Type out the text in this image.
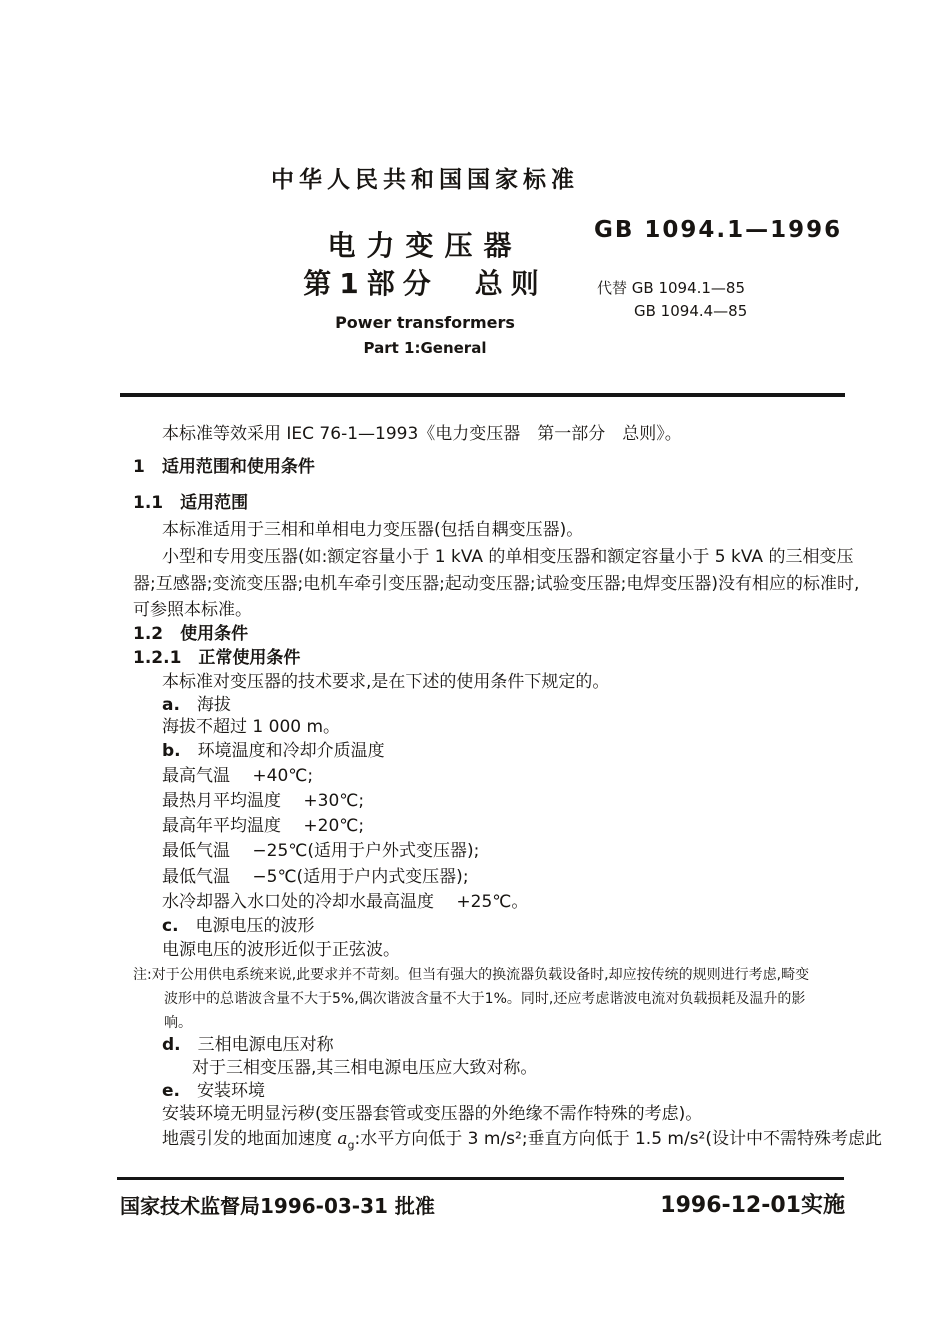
中华人民共和国国家标准
GB 1094.1—1996
电力变压器
第1部分　总则	代替 GB 1094.1—85
GB 1094.4—85
Power transformers
Part 1:General
本标准等效采用 IEC 76-1—1993《电力变压器　第一部分　总则》。
1　适用范围和使用条件
1.1　适用范围
本标准适用于三相和单相电力变压器(包括自耦变压器)。
小型和专用变压器(如:额定容量小于 1 kVA 的单相变压器和额定容量小于 5 kVA 的三相变压
器;互感器;变流变压器;电机车牵引变压器;起动变压器;试验变压器;电焊变压器)没有相应的标准时,
可参照本标准。
1.2　使用条件
1.2.1　正常使用条件
本标准对变压器的技术要求,是在下述的使用条件下规定的。
a.　海拔
海拔不超过 1 000 m。
b.　环境温度和冷却介质温度
最高气温　 +40℃;
最热月平均温度　 +30℃;
最高年平均温度　 +20℃;
最低气温　 −25℃(适用于户外式变压器);
最低气温　 −5℃(适用于户内式变压器);
水冷却器入水口处的冷却水最高温度　 +25℃。
c.　电源电压的波形
电源电压的波形近似于正弦波。
注:对于公用供电系统来说,此要求并不苛刻。但当有强大的换流器负载设备时,却应按传统的规则进行考虑,畸变
波形中的总谐波含量不大于5%,偶次谐波含量不大于1%。同时,还应考虑谐波电流对负载损耗及温升的影
响。
d.　三相电源电压对称
对于三相变压器,其三相电源电压应大致对称。
e.　安装环境
安装环境无明显污秽(变压器套管或变压器的外绝缘不需作特殊的考虑)。
地震引发的地面加速度 $a_g$:水平方向低于 3 m/s²;垂直方向低于 1.5 m/s²(设计中不需特殊考虑此
国家技术监督局1996-03-31 批准	1996-12-01实施
